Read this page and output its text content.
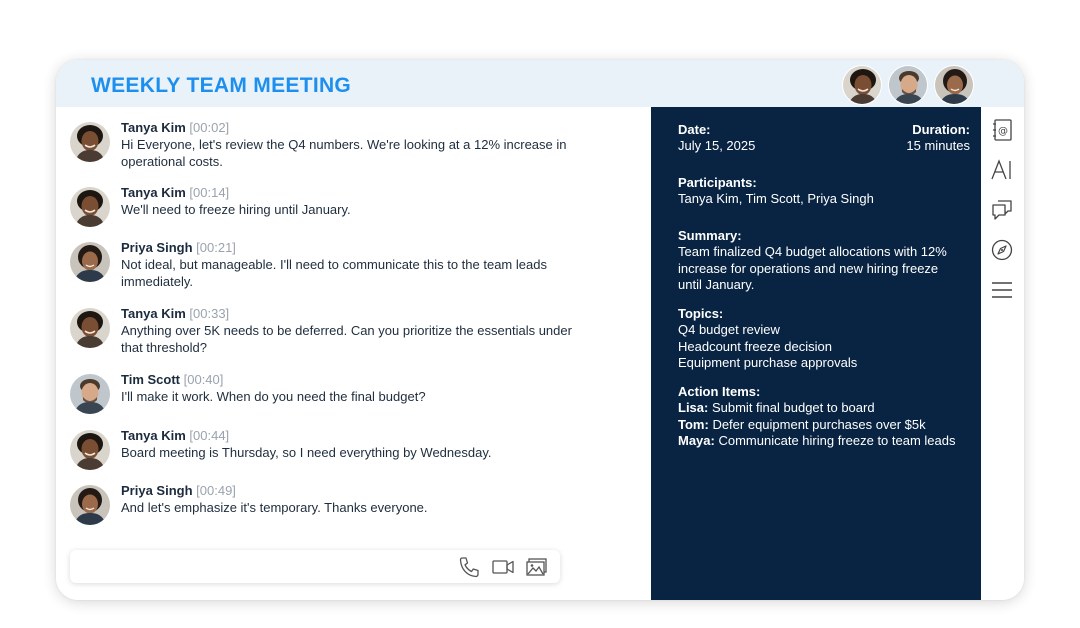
WEEKLY TEAM MEETING
Tanya Kim [00:02]
Hi Everyone, let's review the Q4 numbers. We're looking at a 12% increase in operational costs.
Tanya Kim [00:14]
We'll need to freeze hiring until January.
Priya Singh [00:21]
Not ideal, but manageable. I'll need to communicate this to the team leads immediately.
Tanya Kim [00:33]
Anything over 5K needs to be deferred. Can you prioritize the essentials under that threshold?
Tim Scott [00:40]
I'll make it work. When do you need the final budget?
Tanya Kim [00:44]
Board meeting is Thursday, so I need everything by Wednesday.
Priya Singh [00:49]
And let's emphasize it's temporary. Thanks everyone.
Date:
July 15, 2025
Duration:
15 minutes
Participants:
Tanya Kim, Tim Scott, Priya Singh
Summary:
Team finalized Q4 budget allocations with 12% increase for operations and new hiring freeze until January.
Topics:
Q4 budget review
Headcount freeze decision
Equipment purchase approvals
Action Items:
Lisa: Submit final budget to board
Tom: Defer equipment purchases over $5k
Maya: Communicate hiring freeze to team leads
@
